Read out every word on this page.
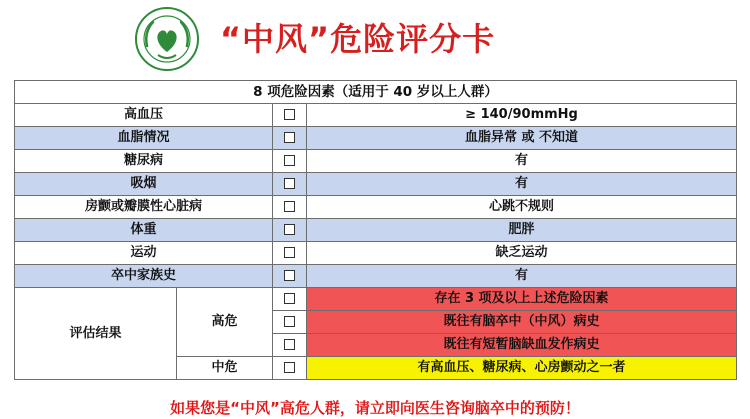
“中风”危险评分卡
8 项危险因素（适用于 40 岁以上人群）			
高血压			≥ 140/90mmHg
血脂情况			血脂异常 或 不知道
糖尿病			有
吸烟			有
房颤或瓣膜性心脏病			心跳不规则
体重			肥胖
运动			缺乏运动
卒中家族史			有
评估结果	高危		存在 3 项及以上上述危险因素
			既往有脑卒中（中风）病史
			既往有短暂脑缺血发作病史
	中危		有高血压、糖尿病、心房颤动之一者
如果您是“中风”高危人群，请立即向医生咨询脑卒中的预防！
